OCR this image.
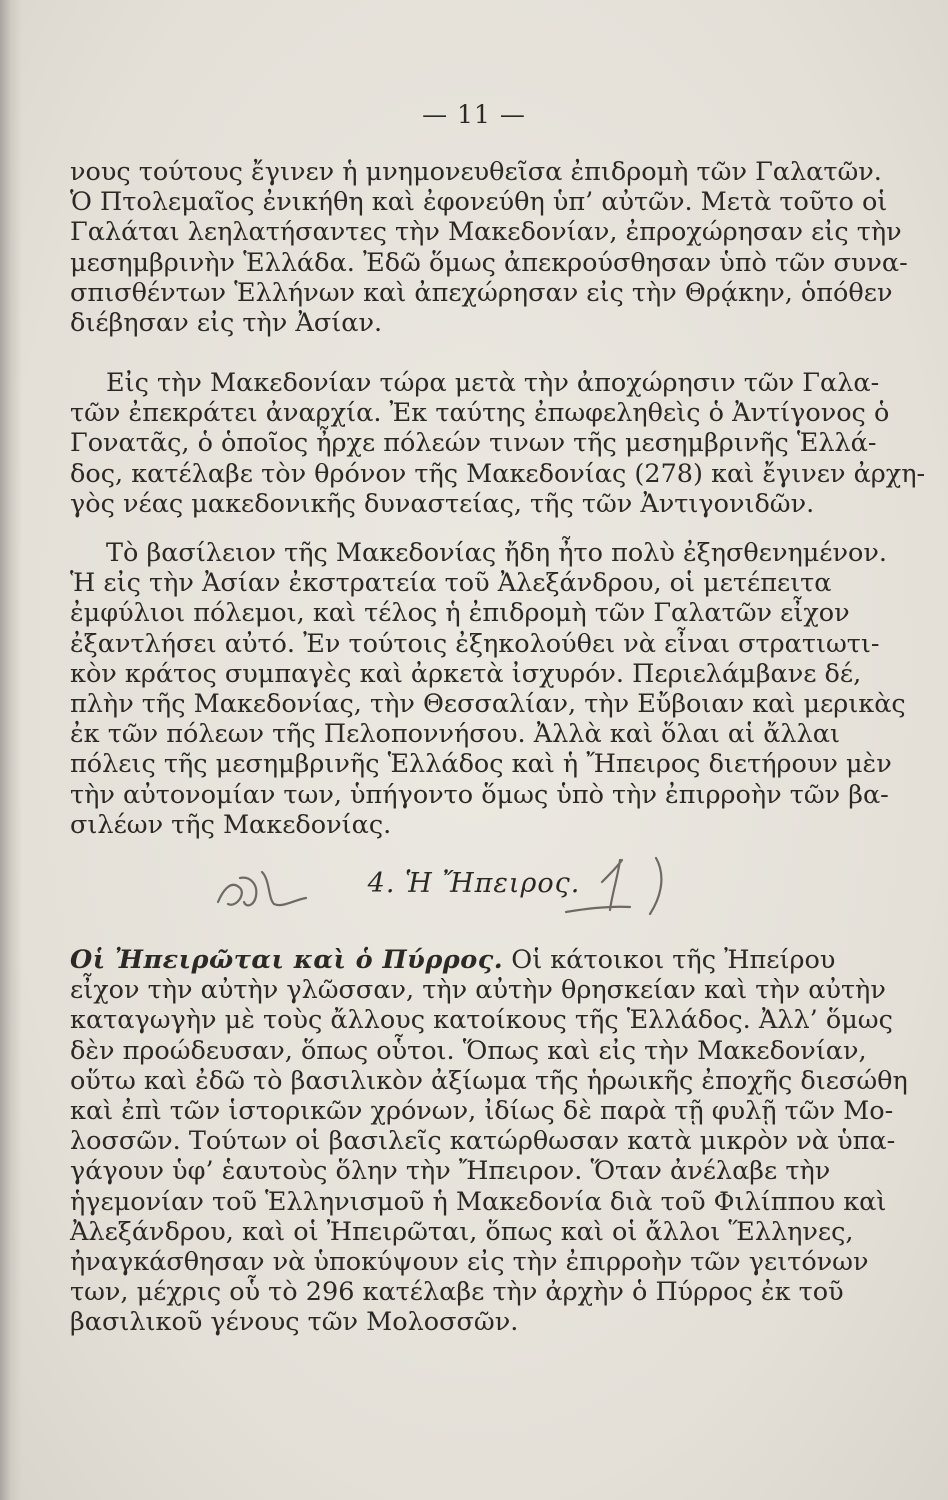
— 11 —
νους τούτους ἔγινεν ἡ μνημονευθεῖσα ἐπιδρομὴ τῶν Γαλατῶν.
Ὁ Πτολεμαῖος ἐνικήθη καὶ ἐφονεύθη ὑπ’ αὐτῶν. Μετὰ τοῦτο οἱ
Γαλάται λεηλατήσαντες τὴν Μακεδονίαν, ἐπροχώρησαν εἰς τὴν
μεσημβρινὴν Ἑλλάδα. Ἐδῶ ὅμως ἀπεκρούσθησαν ὑπὸ τῶν συνα-
σπισθέντων Ἑλλήνων καὶ ἀπεχώρησαν εἰς τὴν Θρᾴκην, ὁπόθεν
διέβησαν εἰς τὴν Ἀσίαν.
Εἰς τὴν Μακεδονίαν τώρα μετὰ τὴν ἀποχώρησιν τῶν Γαλα-
τῶν ἐπεκράτει ἀναρχία. Ἐκ ταύτης ἐπωφεληθεὶς ὁ Ἀντίγονος ὁ
Γονατᾶς, ὁ ὁποῖος ἦρχε πόλεών τινων τῆς μεσημβρινῆς Ἑλλά-
δος, κατέλαβε τὸν θρόνον τῆς Μακεδονίας (278) καὶ ἔγινεν ἀρχη-
γὸς νέας μακεδονικῆς δυναστείας, τῆς τῶν Ἀντιγονιδῶν.
Τὸ βασίλειον τῆς Μακεδονίας ἤδη ἦτο πολὺ ἐξησθενημένον.
Ἡ εἰς τὴν Ἀσίαν ἐκστρατεία τοῦ Ἀλεξάνδρου, οἱ μετέπειτα
ἐμφύλιοι πόλεμοι, καὶ τέλος ἡ ἐπιδρομὴ τῶν Γαλατῶν εἶχον
ἐξαντλήσει αὐτό. Ἐν τούτοις ἐξηκολούθει νὰ εἶναι στρατιωτι-
κὸν κράτος συμπαγὲς καὶ ἀρκετὰ ἰσχυρόν. Περιελάμβανε δέ,
πλὴν τῆς Μακεδονίας, τὴν Θεσσαλίαν, τὴν Εὔβοιαν καὶ μερικὰς
ἐκ τῶν πόλεων τῆς Πελοποννήσου. Ἀλλὰ καὶ ὅλαι αἱ ἄλλαι
πόλεις τῆς μεσημβρινῆς Ἑλλάδος καὶ ἡ Ἤπειρος διετήρουν μὲν
τὴν αὐτονομίαν των, ὑπήγοντο ὅμως ὑπὸ τὴν ἐπιρροὴν τῶν βα-
σιλέων τῆς Μακεδονίας.
4. Ἡ Ἤπειρος.
Οἱ Ἠπειρῶται καὶ ὁ Πύρρος. Οἱ κάτοικοι τῆς Ἠπείρου
εἶχον τὴν αὐτὴν γλῶσσαν, τὴν αὐτὴν θρησκείαν καὶ τὴν αὐτὴν
καταγωγὴν μὲ τοὺς ἄλλους κατοίκους τῆς Ἑλλάδος. Ἀλλ’ ὅμως
δὲν προώδευσαν, ὅπως οὗτοι. Ὅπως καὶ εἰς τὴν Μακεδονίαν,
οὕτω καὶ ἐδῶ τὸ βασιλικὸν ἀξίωμα τῆς ἡρωικῆς ἐποχῆς διεσώθη
καὶ ἐπὶ τῶν ἱστορικῶν χρόνων, ἰδίως δὲ παρὰ τῇ φυλῇ τῶν Μο-
λοσσῶν. Τούτων οἱ βασιλεῖς κατώρθωσαν κατὰ μικρὸν νὰ ὑπα-
γάγουν ὑφ’ ἑαυτοὺς ὅλην τὴν Ἤπειρον. Ὅταν ἀνέλαβε τὴν
ἡγεμονίαν τοῦ Ἑλληνισμοῦ ἡ Μακεδονία διὰ τοῦ Φιλίππου καὶ
Ἀλεξάνδρου, καὶ οἱ Ἠπειρῶται, ὅπως καὶ οἱ ἄλλοι Ἕλληνες,
ἠναγκάσθησαν νὰ ὑποκύψουν εἰς τὴν ἐπιρροὴν τῶν γειτόνων
των, μέχρις οὗ τὸ 296 κατέλαβε τὴν ἀρχὴν ὁ Πύρρος ἐκ τοῦ
βασιλικοῦ γένους τῶν Μολοσσῶν.
